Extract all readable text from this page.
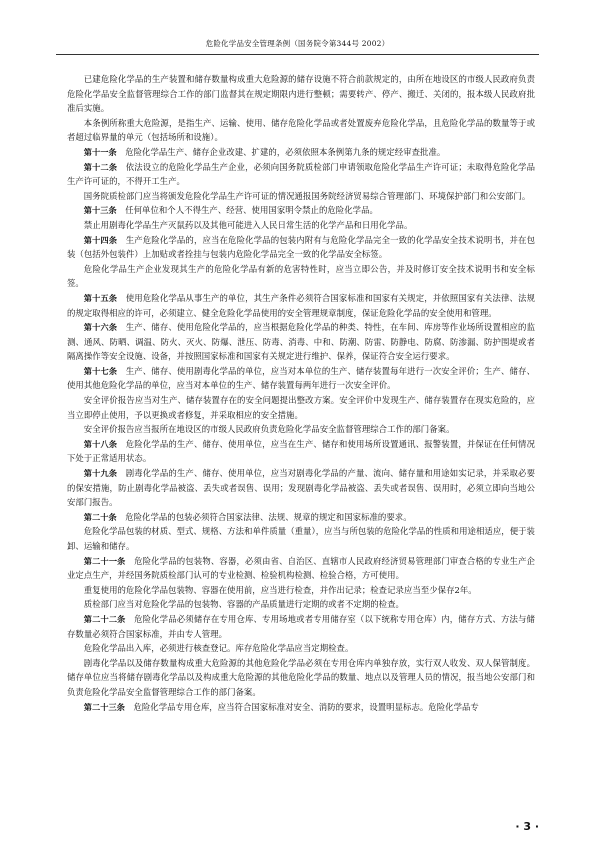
危险化学品安全管理条例（国务院令第344号 2002）

已建危险化学品的生产装置和储存数量构成重大危险源的储存设施不符合前款规定的，由所在地设区的市级人民政府负责危险化学品安全监督管理综合工作的部门监督其在规定期限内进行整顿；需要转产、停产、搬迁、关闭的，报本级人民政府批准后实施。

本条例所称重大危险源，是指生产、运输、使用、储存危险化学品或者处置废弃危险化学品，且危险化学品的数量等于或者超过临界量的单元（包括场所和设施）。

第十一条  危险化学品生产、储存企业改建、扩建的，必须依照本条例第九条的规定经审查批准。

第十二条  依法设立的危险化学品生产企业，必须向国务院质检部门申请领取危险化学品生产许可证；未取得危险化学品生产许可证的，不得开工生产。

国务院质检部门应当将颁发危险化学品生产许可证的情况通报国务院经济贸易综合管理部门、环境保护部门和公安部门。

第十三条  任何单位和个人不得生产、经营、使用国家明令禁止的危险化学品。

禁止用剧毒化学品生产灭鼠药以及其他可能进入人民日常生活的化学产品和日用化学品。

第十四条  生产危险化学品的，应当在危险化学品的包装内附有与危险化学品完全一致的化学品安全技术说明书，并在包装（包括外包装件）上加贴或者拴挂与包装内危险化学品完全一致的化学品安全标签。

危险化学品生产企业发现其生产的危险化学品有新的危害特性时，应当立即公告，并及时修订安全技术说明书和安全标签。

第十五条  使用危险化学品从事生产的单位，其生产条件必须符合国家标准和国家有关规定，并依照国家有关法律、法规的规定取得相应的许可，必须建立、健全危险化学品使用的安全管理规章制度，保证危险化学品的安全使用和管理。

第十六条  生产、储存、使用危险化学品的，应当根据危险化学品的种类、特性，在车间、库房等作业场所设置相应的监测、通风、防晒、调温、防火、灭火、防爆、泄压、防毒、消毒、中和、防潮、防雷、防静电、防腐、防渗漏、防护围堤或者隔离操作等安全设施、设备，并按照国家标准和国家有关规定进行维护、保养，保证符合安全运行要求。

第十七条  生产、储存、使用剧毒化学品的单位，应当对本单位的生产、储存装置每年进行一次安全评价；生产、储存、使用其他危险化学品的单位，应当对本单位的生产、储存装置每两年进行一次安全评价。

安全评价报告应当对生产、储存装置存在的安全问题提出整改方案。安全评价中发现生产、储存装置存在现实危险的，应当立即停止使用，予以更换或者修复，并采取相应的安全措施。

安全评价报告应当报所在地设区的市级人民政府负责危险化学品安全监督管理综合工作的部门备案。

第十八条  危险化学品的生产、储存、使用单位，应当在生产、储存和使用场所设置通讯、报警装置，并保证在任何情况下处于正常适用状态。

第十九条  剧毒化学品的生产、储存、使用单位，应当对剧毒化学品的产量、流向、储存量和用途如实记录，并采取必要的保安措施，防止剧毒化学品被盗、丢失或者误售、误用；发现剧毒化学品被盗、丢失或者误售、误用时，必须立即向当地公安部门报告。

第二十条  危险化学品的包装必须符合国家法律、法规、规章的规定和国家标准的要求。

危险化学品包装的材质、型式、规格、方法和单件质量（重量），应当与所包装的危险化学品的性质和用途相适应，便于装卸、运输和储存。

第二十一条  危险化学品的包装物、容器，必须由省、自治区、直辖市人民政府经济贸易管理部门审查合格的专业生产企业定点生产，并经国务院质检部门认可的专业检测、检验机构检测、检验合格，方可使用。

重复使用的危险化学品包装物、容器在使用前，应当进行检查，并作出记录；检查记录应当至少保存2年。

质检部门应当对危险化学品的包装物、容器的产品质量进行定期的或者不定期的检查。

第二十二条  危险化学品必须储存在专用仓库、专用场地或者专用储存室（以下统称专用仓库）内，储存方式、方法与储存数量必须符合国家标准，并由专人管理。

危险化学品出入库，必须进行核查登记。库存危险化学品应当定期检查。

剧毒化学品以及储存数量构成重大危险源的其他危险化学品必须在专用仓库内单独存放，实行双人收发、双人保管制度。储存单位应当将储存剧毒化学品以及构成重大危险源的其他危险化学品的数量、地点以及管理人员的情况，报当地公安部门和负责危险化学品安全监督管理综合工作的部门备案。

第二十三条  危险化学品专用仓库，应当符合国家标准对安全、消防的要求，设置明显标志。危险化学品专

· 3 ·
